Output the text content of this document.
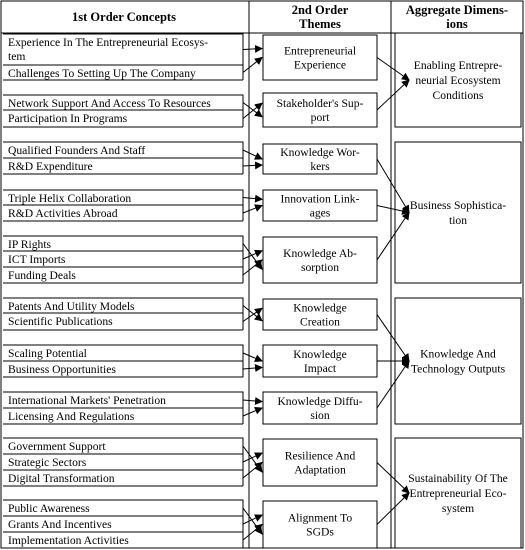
1st Order Concepts	2nd Order
Themes
Aggregate Dimens-
ions
Experience In The Entrepreneurial Ecosys-
tem
Challenges To Setting Up The Company
Network Support And Access To Resources
Participation In Programs
Qualified Founders And Staff
R&D Expenditure
Triple Helix Collaboration
R&D Activities Abroad
IP Rights
ICT Imports
Funding Deals
Patents And Utility Models
Scientific Publications
Scaling Potential
Business Opportunities
International Markets' Penetration
Licensing And Regulations
Government Support
Strategic Sectors
Digital Transformation
Public Awareness
Grants And Incentives
Implementation Activities
Entrepreneurial
Experience
Stakeholder's Sup-
port
Knowledge Wor-
kers
Innovation Link-
ages
Knowledge Ab-
sorption
Knowledge
Creation
Knowledge
Impact
Knowledge Diffu-
sion
Resilience And
Adaptation
Alignment To
SGDs
Enabling Entrepre-
neurial Ecosystem
Conditions
Business Sophistica-
tion
Knowledge And
Technology Outputs
Sustainability Of The
Entrepreneurial Eco-
system
